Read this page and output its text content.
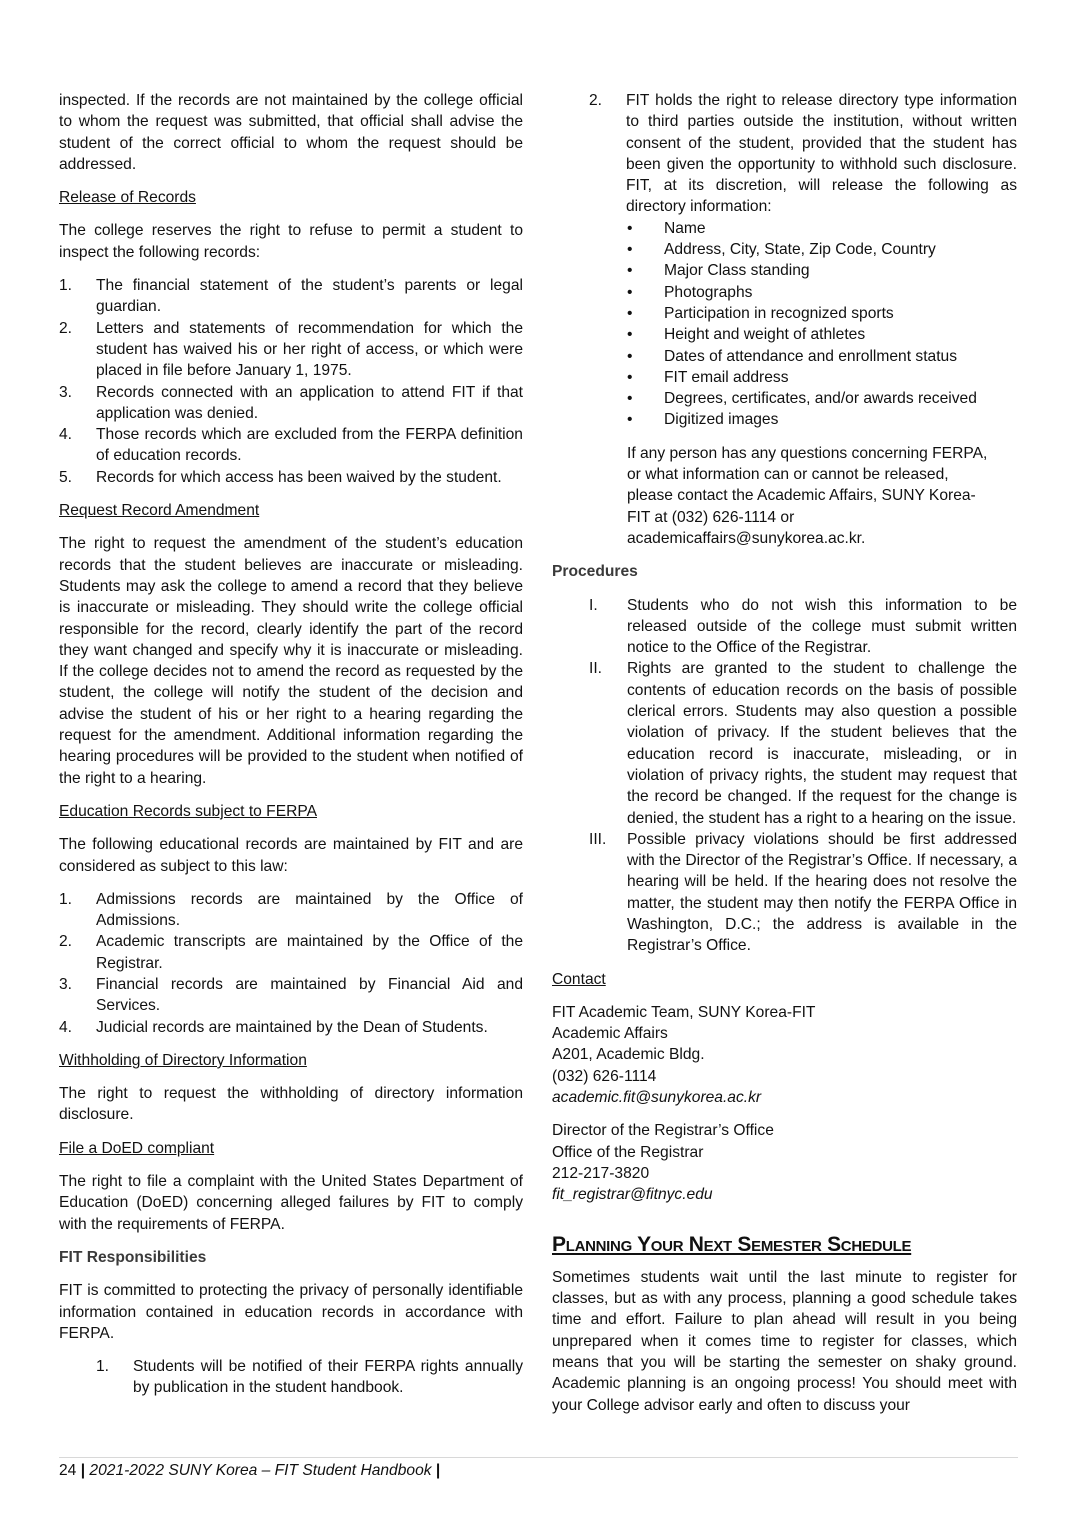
inspected. If the records are not maintained by the college official to whom the request was submitted, that official shall advise the student of the correct official to whom the request should be addressed.

Release of Records

The college reserves the right to refuse to permit a student to inspect the following records:

1.	The financial statement of the student’s parents or legal guardian.
2.	Letters and statements of recommendation for which the student has waived his or her right of access, or which were placed in file before January 1, 1975.
3.	Records connected with an application to attend FIT if that application was denied.
4.	Those records which are excluded from the FERPA definition of education records.
5.	Records for which access has been waived by the student.
Request Record Amendment

The right to request the amendment of the student’s education records that the student believes are inaccurate or misleading. Students may ask the college to amend a record that they believe is inaccurate or misleading. They should write the college official responsible for the record, clearly identify the part of the record they want changed and specify why it is inaccurate or misleading. If the college decides not to amend the record as requested by the student, the college will notify the student of the decision and advise the student of his or her right to a hearing regarding the request for the amendment. Additional information regarding the hearing procedures will be provided to the student when notified of the right to a hearing.

Education Records subject to FERPA

The following educational records are maintained by FIT and are considered as subject to this law:

1.	Admissions records are maintained by the Office of Admissions.
2.	Academic transcripts are maintained by the Office of the Registrar.
3.	Financial records are maintained by Financial Aid and Services.
4.	Judicial records are maintained by the Dean of Students.
Withholding of Directory Information

The right to request the withholding of directory information disclosure.

File a DoED compliant

The right to file a complaint with the United States Department of Education (DoED) concerning alleged failures by FIT to comply with the requirements of FERPA.

FIT Responsibilities

FIT is committed to protecting the privacy of personally identifiable information contained in education records in accordance with FERPA.

1.	Students will be notified of their FERPA rights annually by publication in the student handbook.
2.	FIT holds the right to release directory type information to third parties outside the institution, without written consent of the student, provided that the student has been given the opportunity to withhold such disclosure. FIT, at its discretion, will release the following as directory information:
•	Name
•	Address, City, State, Zip Code, Country
•	Major Class standing
•	Photographs
•	Participation in recognized sports
•	Height and weight of athletes
•	Dates of attendance and enrollment status
•	FIT email address
•	Degrees, certificates, and/or awards received
•	Digitized images

If any person has any questions concerning FERPA,
or what information can or cannot be released,
please contact the Academic Affairs, SUNY Korea-
FIT at (032) 626-1114 or
academicaffairs@sunykorea.ac.kr.

Procedures
I.	Students who do not wish this information to be released outside of the college must submit written notice to the Office of the Registrar.
II.	Rights are granted to the student to challenge the contents of education records on the basis of possible clerical errors. Students may also question a possible violation of privacy. If the student believes that the education record is inaccurate, misleading, or in violation of privacy rights, the student may request that the record be changed. If the request for the change is denied, the student has a right to a hearing on the issue.
III.	Possible privacy violations should be first addressed with the Director of the Registrar’s Office. If necessary, a hearing will be held. If the hearing does not resolve the matter, the student may then notify the FERPA Office in Washington, D.C.; the address is available in the Registrar’s Office.
Contact

FIT Academic Team, SUNY Korea-FIT
Academic Affairs
A201, Academic Bldg.
(032) 626-1114
academic.fit@sunykorea.ac.kr

Director of the Registrar’s Office
Office of the Registrar
212-217-3820
fit_registrar@fitnyc.edu

Planning Your Next Semester Schedule

Sometimes students wait until the last minute to register for classes, but as with any process, planning a good schedule takes time and effort. Failure to plan ahead will result in you being unprepared when it comes time to register for classes, which means that you will be starting the semester on shaky ground. Academic planning is an ongoing process! You should meet with your College advisor early and often to discuss your

24 | 2021-2022 SUNY Korea – FIT Student Handbook |
